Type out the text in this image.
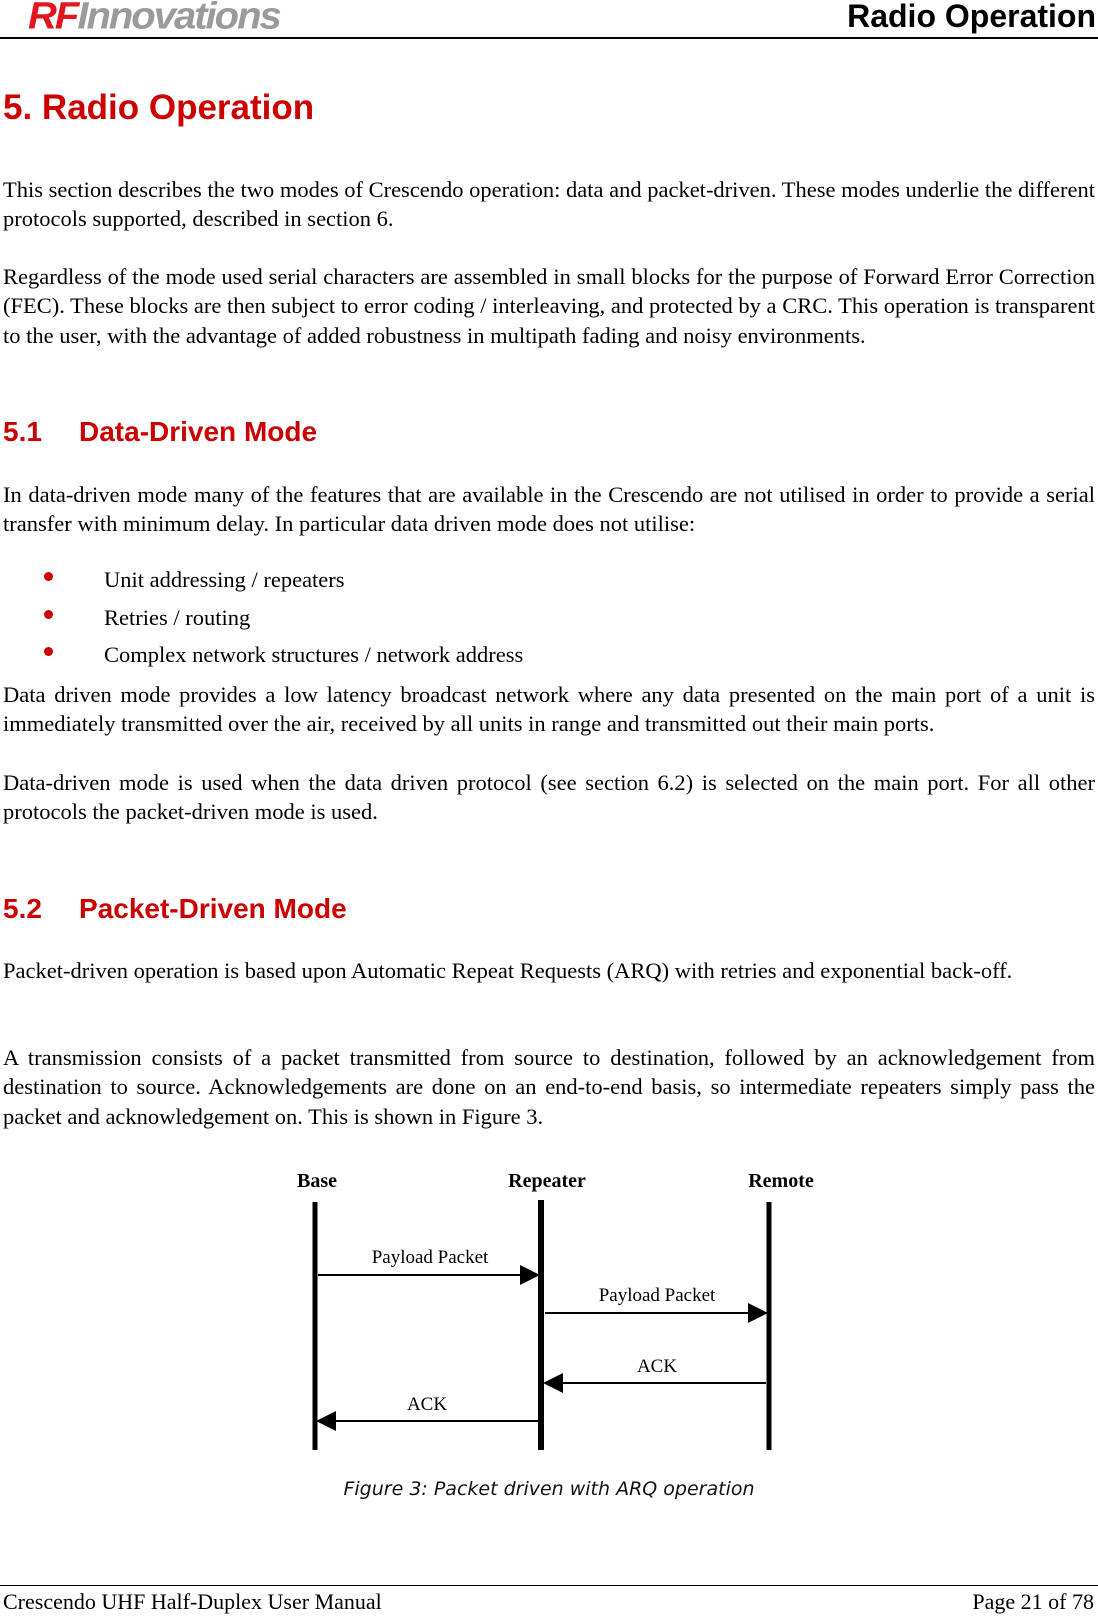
RFInnovations	Radio Operation
5. Radio Operation
This section describes the two modes of Crescendo operation: data and packet-driven. These modes underlie the different protocols supported, described in section 6.
Regardless of the mode used serial characters are assembled in small blocks for the purpose of Forward Error Correction (FEC). These blocks are then subject to error coding / interleaving, and protected by a CRC. This operation is transparent to the user, with the advantage of added robustness in multipath fading and noisy environments.
5.1 Data-Driven Mode
In data-driven mode many of the features that are available in the Crescendo are not utilised in order to provide a serial transfer with minimum delay. In particular data driven mode does not utilise:
Unit addressing / repeaters
Retries / routing
Complex network structures / network address
Data driven mode provides a low latency broadcast network where any data presented on the main port of a unit is immediately transmitted over the air, received by all units in range and transmitted out their main ports.
Data-driven mode is used when the data driven protocol (see section 6.2) is selected on the main port. For all other protocols the packet-driven mode is used.
5.2 Packet-Driven Mode
Packet-driven operation is based upon Automatic Repeat Requests (ARQ) with retries and exponential back-off.
A transmission consists of a packet transmitted from source to destination, followed by an acknowledgement from destination to source. Acknowledgements are done on an end-to-end basis, so intermediate repeaters simply pass the packet and acknowledgement on. This is shown in Figure 3.
Base	Repeater	Remote
Payload Packet
Payload Packet
ACK
ACK
Figure 3: Packet driven with ARQ operation
Crescendo UHF Half-Duplex User Manual	Page 21 of 78
